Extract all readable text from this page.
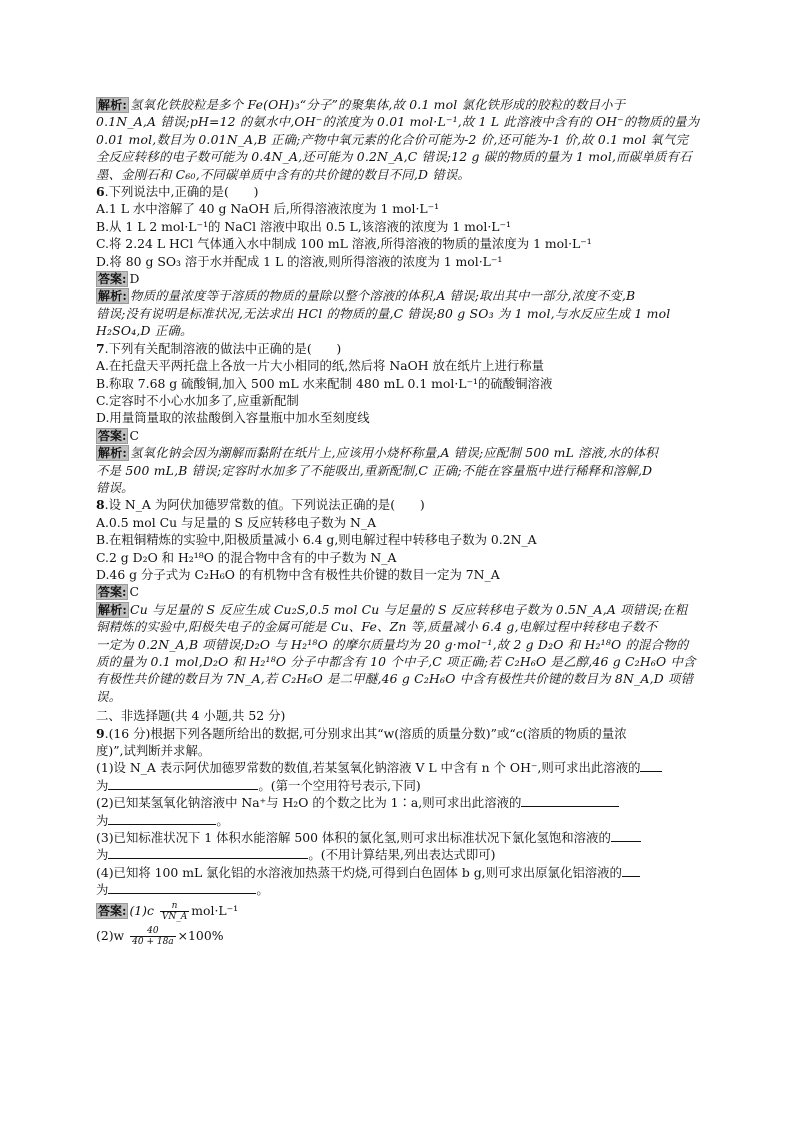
解析: 氢氧化铁胶粒是多个 Fe(OH)₃“分子”的聚集体,故 0.1 mol 氯化铁形成的胶粒的数目小于
0.1N_A,A 错误;pH=12 的氨水中,OH⁻的浓度为 0.01 mol·L⁻¹,故 1 L 此溶液中含有的 OH⁻的物质的量为
0.01 mol,数目为 0.01N_A,B 正确;产物中氧元素的化合价可能为-2 价,还可能为-1 价,故 0.1 mol 氧气完
全反应转移的电子数可能为 0.4N_A,还可能为 0.2N_A,C 错误;12 g 碳的物质的量为 1 mol,而碳单质有石
墨、金刚石和 C₆₀,不同碳单质中含有的共价键的数目不同,D 错误。

6.下列说法中,正确的是(　　)

A.1 L 水中溶解了 40 g NaOH 后,所得溶液浓度为 1 mol·L⁻¹

B.从 1 L 2 mol·L⁻¹的 NaCl 溶液中取出 0.5 L,该溶液的浓度为 1 mol·L⁻¹

C.将 2.24 L HCl 气体通入水中制成 100 mL 溶液,所得溶液的物质的量浓度为 1 mol·L⁻¹

D.将 80 g SO₃ 溶于水并配成 1 L 的溶液,则所得溶液的浓度为 1 mol·L⁻¹

答案: D

解析: 物质的量浓度等于溶质的物质的量除以整个溶液的体积,A 错误;取出其中一部分,浓度不变,B
错误;没有说明是标准状况,无法求出 HCl 的物质的量,C 错误;80 g SO₃ 为 1 mol,与水反应生成 1 mol
H₂SO₄,D 正确。

7.下列有关配制溶液的做法中正确的是(　　)

A.在托盘天平两托盘上各放一片大小相同的纸,然后将 NaOH 放在纸片上进行称量

B.称取 7.68 g 硫酸铜,加入 500 mL 水来配制 480 mL 0.1 mol·L⁻¹的硫酸铜溶液

C.定容时不小心水加多了,应重新配制

D.用量筒量取的浓盐酸倒入容量瓶中加水至刻度线

答案: C

解析: 氢氧化钠会因为潮解而黏附在纸片上,应该用小烧杯称量,A 错误;应配制 500 mL 溶液,水的体积
不是 500 mL,B 错误;定容时水加多了不能吸出,重新配制,C 正确;不能在容量瓶中进行稀释和溶解,D
错误。

8.设 N_A 为阿伏加德罗常数的值。下列说法正确的是(　　)

A.0.5 mol Cu 与足量的 S 反应转移电子数为 N_A

B.在粗铜精炼的实验中,阳极质量减小 6.4 g,则电解过程中转移电子数为 0.2N_A

C.2 g D₂O 和 H₂¹⁸O 的混合物中含有的中子数为 N_A

D.46 g 分子式为 C₂H₆O 的有机物中含有极性共价键的数目一定为 7N_A

答案: C

解析: Cu 与足量的 S 反应生成 Cu₂S,0.5 mol Cu 与足量的 S 反应转移电子数为 0.5N_A,A 项错误;在粗
铜精炼的实验中,阳极失电子的金属可能是 Cu、Fe、Zn 等,质量减小 6.4 g,电解过程中转移电子数不
一定为 0.2N_A,B 项错误;D₂O 与 H₂¹⁸O 的摩尔质量均为 20 g·mol⁻¹,故 2 g D₂O 和 H₂¹⁸O 的混合物的
质的量为 0.1 mol,D₂O 和 H₂¹⁸O 分子中都含有 10 个中子,C 项正确;若 C₂H₆O 是乙醇,46 g C₂H₆O 中含
有极性共价键的数目为 7N_A,若 C₂H₆O 是二甲醚,46 g C₂H₆O 中含有极性共价键的数目为 8N_A,D 项错
误。

二、非选择题(共 4 小题,共 52 分)

9.(16 分)根据下列各题所给出的数据,可分别求出其“w(溶质的质量分数)”或“c(溶质的物质的量浓
度)”,试判断并求解。

(1)设 N_A 表示阿伏加德罗常数的数值,若某氢氧化钠溶液 V L 中含有 n 个 OH⁻,则可求出此溶液的
为	。(第一个空用符号表示,下同)

(2)已知某氢氧化钠溶液中 Na⁺与 H₂O 的个数之比为 1∶a,则可求出此溶液的
为	。

(3)已知标准状况下 1 体积水能溶解 500 体积的氯化氢,则可求出标准状况下氯化氢饱和溶液的
为	。(不用计算结果,列出表达式即可)

(4)已知将 100 mL 氯化铝的水溶液加热蒸干灼烧,可得到白色固体 b g,则可求出原氯化铝溶液的
为	。

答案: $(1)c \frac{n}{VN\_A} mol\cdot L^{-1}$

$(2)w \frac{40}{40 + 18a} \times 100\%$
